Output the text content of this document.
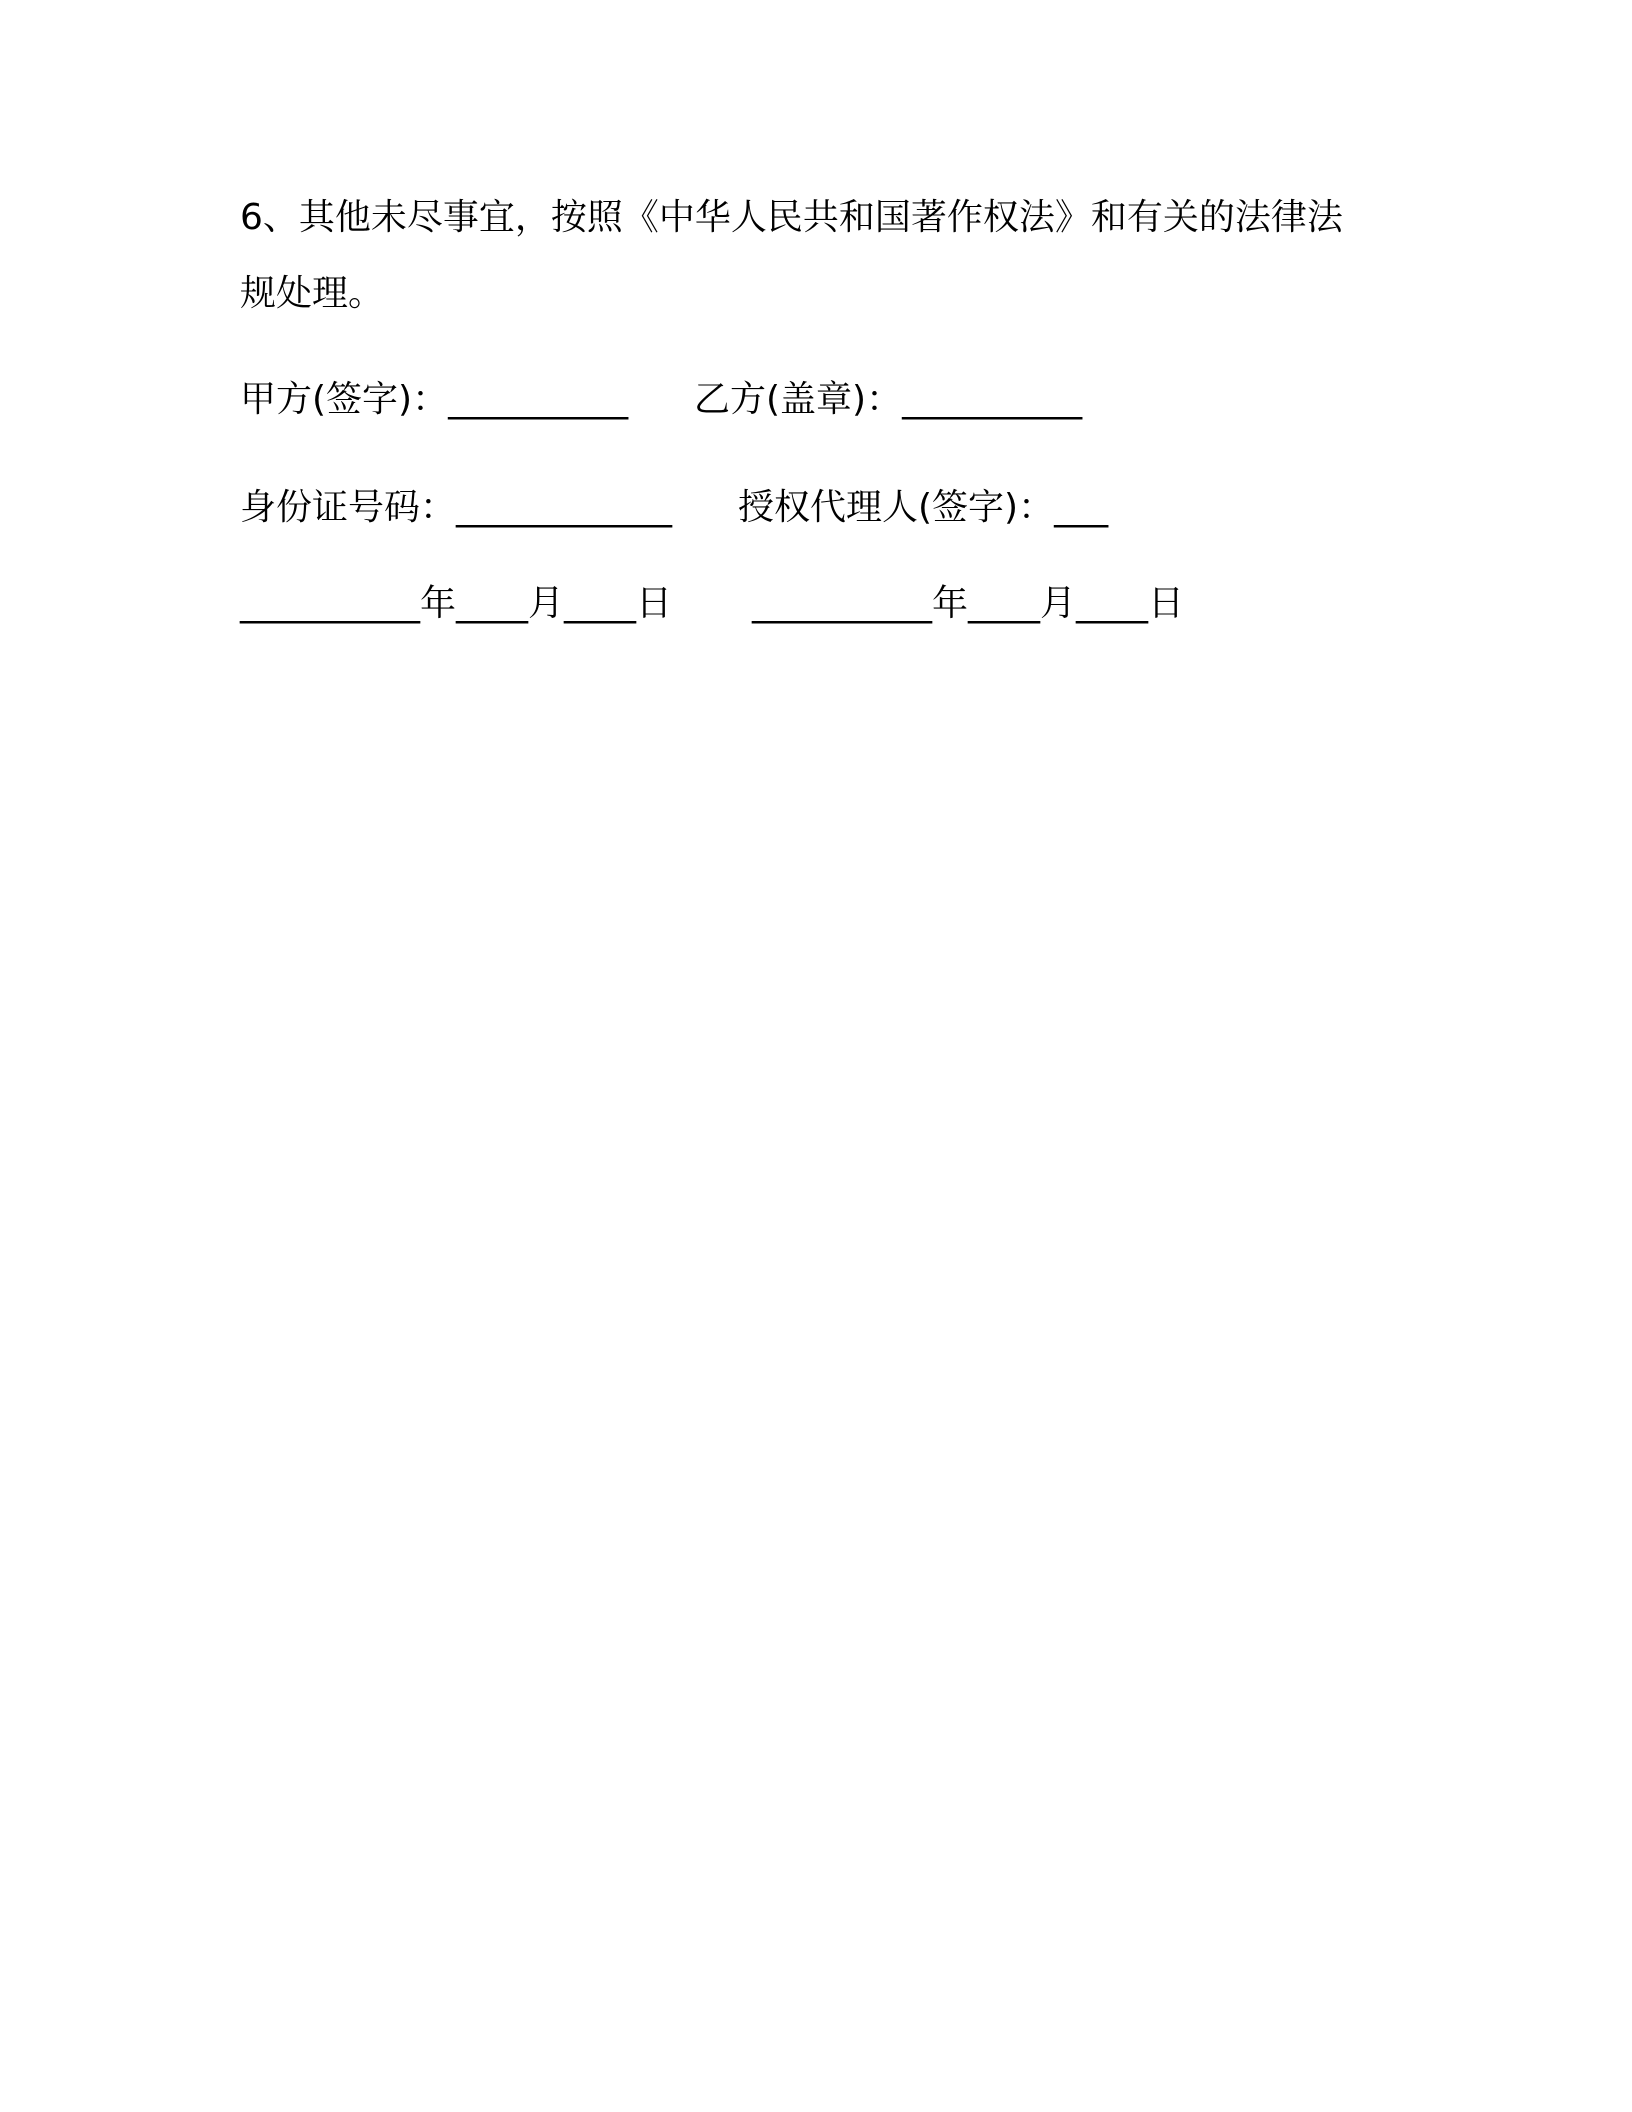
6、其他未尽事宜，按照《中华人民共和国著作权法》和有关的法律法
规处理。
甲方(签字)：__________ 乙方(盖章)：__________
身份证号码：____________ 授权代理人(签字)：___
__________年____月____日 __________年____月____日
